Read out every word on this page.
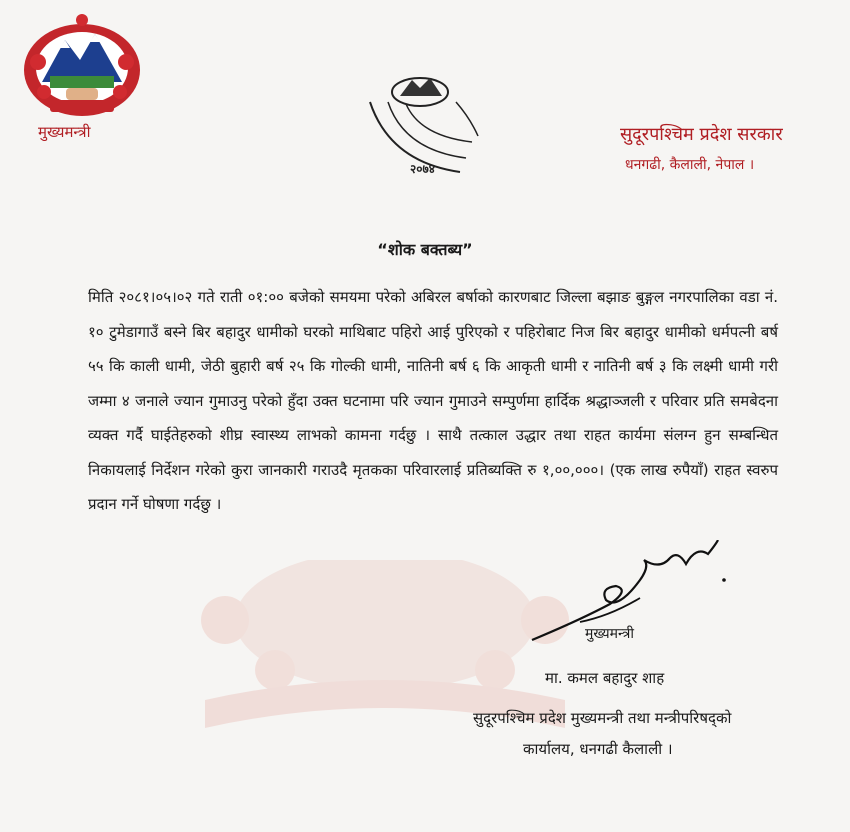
मुख्यमन्त्री
२०७४
सुदूरपश्चिम प्रदेश सरकार
धनगढी, कैलाली, नेपाल ।
“शोक बक्तब्य”
मिति २०८१।०५।०२ गते राती ०१:०० बजेको समयमा परेको अबिरल बर्षाको कारणबाट जिल्ला बझाङ बुङ्गल नगरपालिका वडा नं. १० टुमेडागाउँ बस्ने बिर बहादुर धामीको घरको माथिबाट पहिरो आई पुरिएको र पहिरोबाट निज बिर बहादुर धामीको धर्मपत्नी बर्ष ५५ कि काली धामी, जेठी बुहारी बर्ष २५ कि गोल्की धामी, नातिनी बर्ष ६ कि आकृती धामी र नातिनी बर्ष ३ कि लक्ष्मी धामी गरी जम्मा ४ जनाले ज्यान गुमाउनु परेको हुँदा उक्त घटनामा परि ज्यान गुमाउने सम्पुर्णमा हार्दिक श्रद्धाञ्जली र परिवार प्रति समबेदना व्यक्त गर्दै घाईतेहरुको शीघ्र स्वास्थ्य लाभको कामना गर्दछु । साथै तत्काल उद्धार तथा राहत कार्यमा संलग्न हुन सम्बन्धित निकायलाई निर्देशन गरेको कुरा जानकारी गराउदै मृतकका परिवारलाई प्रतिब्यक्ति रु १,००,०००। (एक लाख रुपैयाँ) राहत स्वरुप प्रदान गर्ने घोषणा गर्दछु ।
मुख्यमन्त्री
मा. कमल बहादुर शाह
सुदूरपश्चिम प्रदेश मुख्यमन्त्री तथा मन्त्रीपरिषद्को
कार्यालय, धनगढी कैलाली ।
